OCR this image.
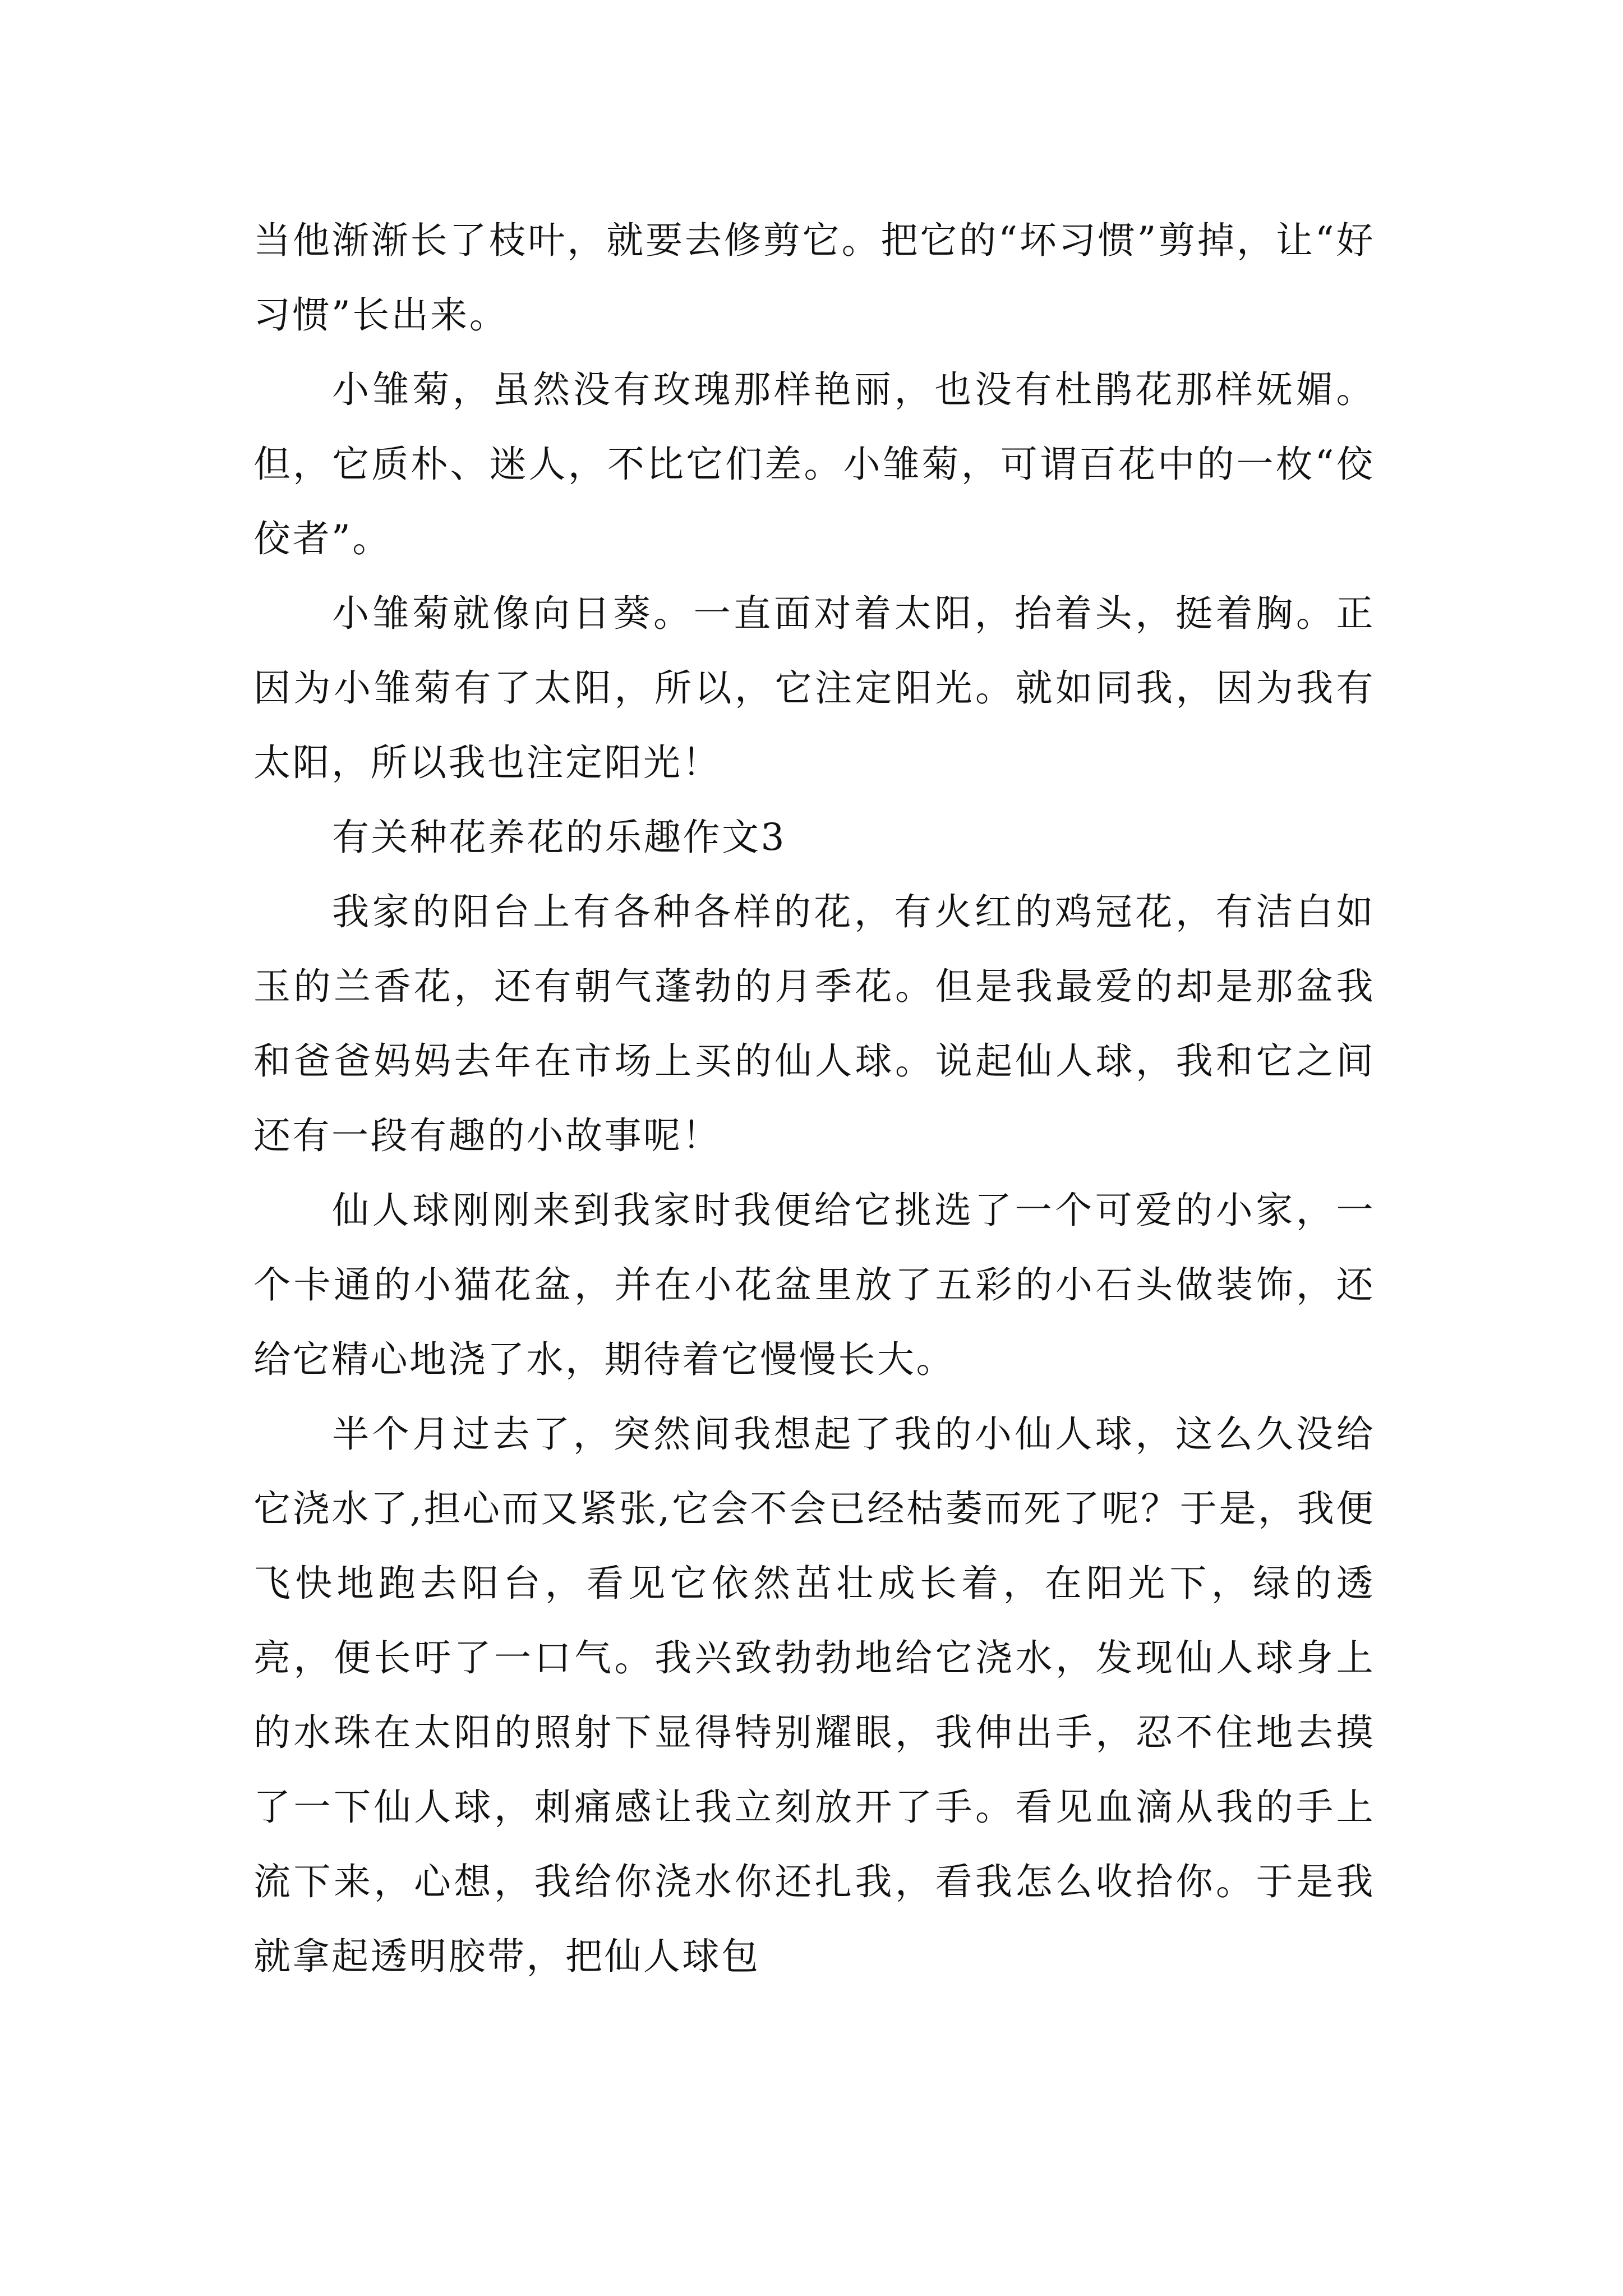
当他渐渐长了枝叶，就要去修剪它。把它的“坏习惯”剪掉，让“好习惯”长出来。

小雏菊，虽然没有玫瑰那样艳丽，也没有杜鹃花那样妩媚。但，它质朴、迷人，不比它们差。小雏菊，可谓百花中的一枚“佼佼者”。

小雏菊就像向日葵。一直面对着太阳，抬着头，挺着胸。正因为小雏菊有了太阳，所以，它注定阳光。就如同我，因为我有太阳，所以我也注定阳光！

有关种花养花的乐趣作文3

我家的阳台上有各种各样的花，有火红的鸡冠花，有洁白如玉的兰香花，还有朝气蓬勃的月季花。但是我最爱的却是那盆我和爸爸妈妈去年在市场上买的仙人球。说起仙人球，我和它之间还有一段有趣的小故事呢！

仙人球刚刚来到我家时我便给它挑选了一个可爱的小家，一个卡通的小猫花盆，并在小花盆里放了五彩的小石头做装饰，还给它精心地浇了水，期待着它慢慢长大。

半个月过去了，突然间我想起了我的小仙人球，这么久没给它浇水了,担心而又紧张,它会不会已经枯萎而死了呢？于是，我便飞快地跑去阳台，看见它依然茁壮成长着，在阳光下，绿的透亮，便长吁了一口气。我兴致勃勃地给它浇水，发现仙人球身上的水珠在太阳的照射下显得特别耀眼，我伸出手，忍不住地去摸了一下仙人球，刺痛感让我立刻放开了手。看见血滴从我的手上流下来，心想，我给你浇水你还扎我，看我怎么收拾你。于是我就拿起透明胶带，把仙人球包
